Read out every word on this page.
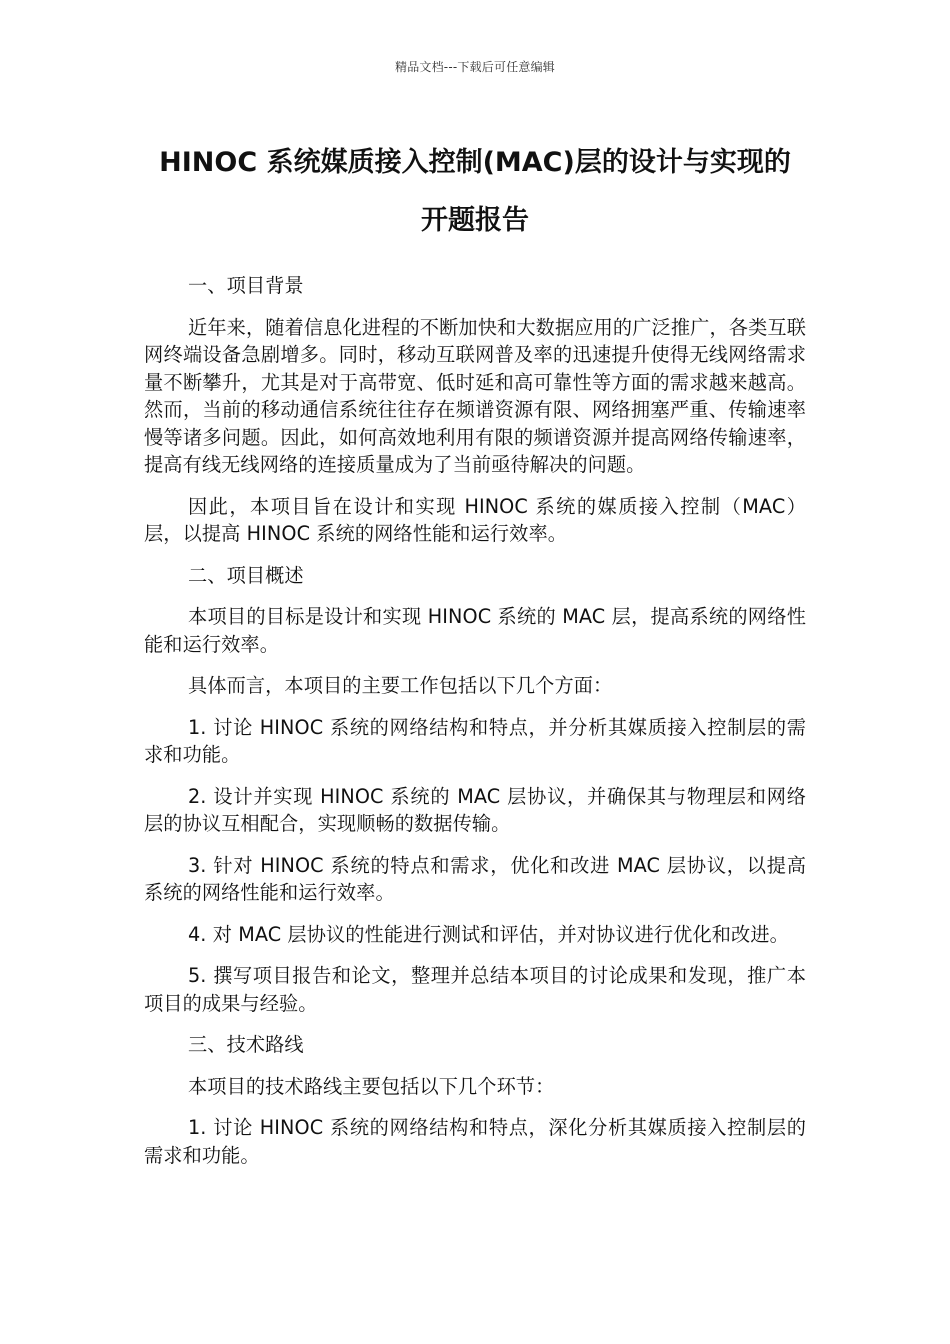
精品文档---下载后可任意编辑
HINOC 系统媒质接入控制(MAC)层的设计与实现的
开题报告

一、项目背景

近年来，随着信息化进程的不断加快和大数据应用的广泛推广，各类互联网终端设备急剧增多。同时，移动互联网普及率的迅速提升使得无线网络需求量不断攀升，尤其是对于高带宽、低时延和高可靠性等方面的需求越来越高。然而，当前的移动通信系统往往存在频谱资源有限、网络拥塞严重、传输速率慢等诸多问题。因此，如何高效地利用有限的频谱资源并提高网络传输速率，提高有线无线网络的连接质量成为了当前亟待解决的问题。

因此，本项目旨在设计和实现 HINOC 系统的媒质接入控制（MAC）层，以提高 HINOC 系统的网络性能和运行效率。

二、项目概述

本项目的目标是设计和实现 HINOC 系统的 MAC 层，提高系统的网络性能和运行效率。

具体而言，本项目的主要工作包括以下几个方面：

1. 讨论 HINOC 系统的网络结构和特点，并分析其媒质接入控制层的需求和功能。

2. 设计并实现 HINOC 系统的 MAC 层协议，并确保其与物理层和网络层的协议互相配合，实现顺畅的数据传输。

3. 针对 HINOC 系统的特点和需求，优化和改进 MAC 层协议，以提高系统的网络性能和运行效率。

4. 对 MAC 层协议的性能进行测试和评估，并对协议进行优化和改进。

5. 撰写项目报告和论文，整理并总结本项目的讨论成果和发现，推广本项目的成果与经验。

三、技术路线

本项目的技术路线主要包括以下几个环节：

1. 讨论 HINOC 系统的网络结构和特点，深化分析其媒质接入控制层的需求和功能。
